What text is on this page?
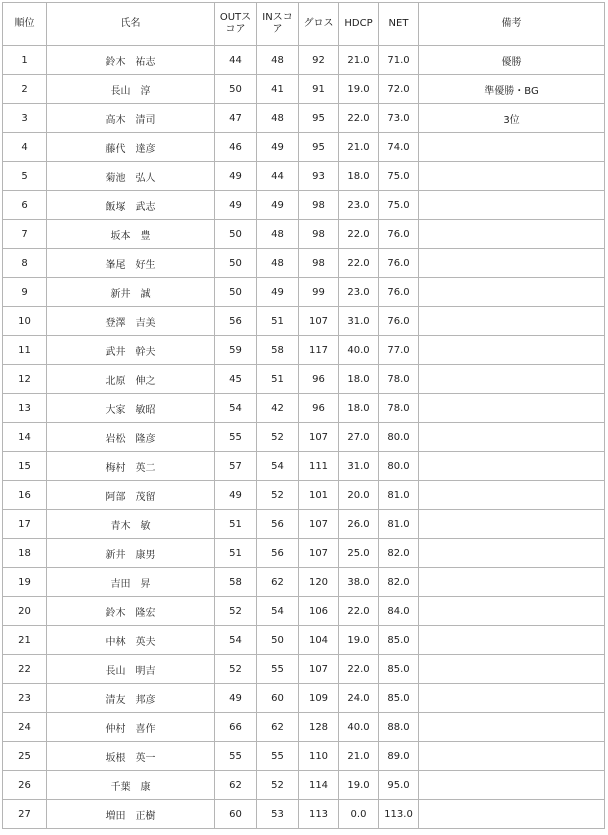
順位	氏名	OUTスコア	INスコア	グロス	HDCP	NET	備考
1	鈴木　祐志	44	48	92	21.0	71.0	優勝
2	長山　淳	50	41	91	19.0	72.0	準優勝・BG
3	高木　清司	47	48	95	22.0	73.0	3位
4	藤代　達彦	46	49	95	21.0	74.0	
5	菊池　弘人	49	44	93	18.0	75.0	
6	飯塚　武志	49	49	98	23.0	75.0	
7	坂本　豊	50	48	98	22.0	76.0	
8	峯尾　好生	50	48	98	22.0	76.0	
9	新井　誠	50	49	99	23.0	76.0	
10	登澤　吉美	56	51	107	31.0	76.0	
11	武井　幹夫	59	58	117	40.0	77.0	
12	北原　伸之	45	51	96	18.0	78.0	
13	大家　敏昭	54	42	96	18.0	78.0	
14	岩松　隆彦	55	52	107	27.0	80.0	
15	梅村　英二	57	54	111	31.0	80.0	
16	阿部　茂留	49	52	101	20.0	81.0	
17	青木　敏	51	56	107	26.0	81.0	
18	新井　康男	51	56	107	25.0	82.0	
19	吉田　昇	58	62	120	38.0	82.0	
20	鈴木　隆宏	52	54	106	22.0	84.0	
21	中林　英夫	54	50	104	19.0	85.0	
22	長山　明吉	52	55	107	22.0	85.0	
23	清友　邦彦	49	60	109	24.0	85.0	
24	仲村　喜作	66	62	128	40.0	88.0	
25	坂根　英一	55	55	110	21.0	89.0	
26	千葉　康	62	52	114	19.0	95.0	
27	増田　正樹	60	53	113	0.0	113.0	
